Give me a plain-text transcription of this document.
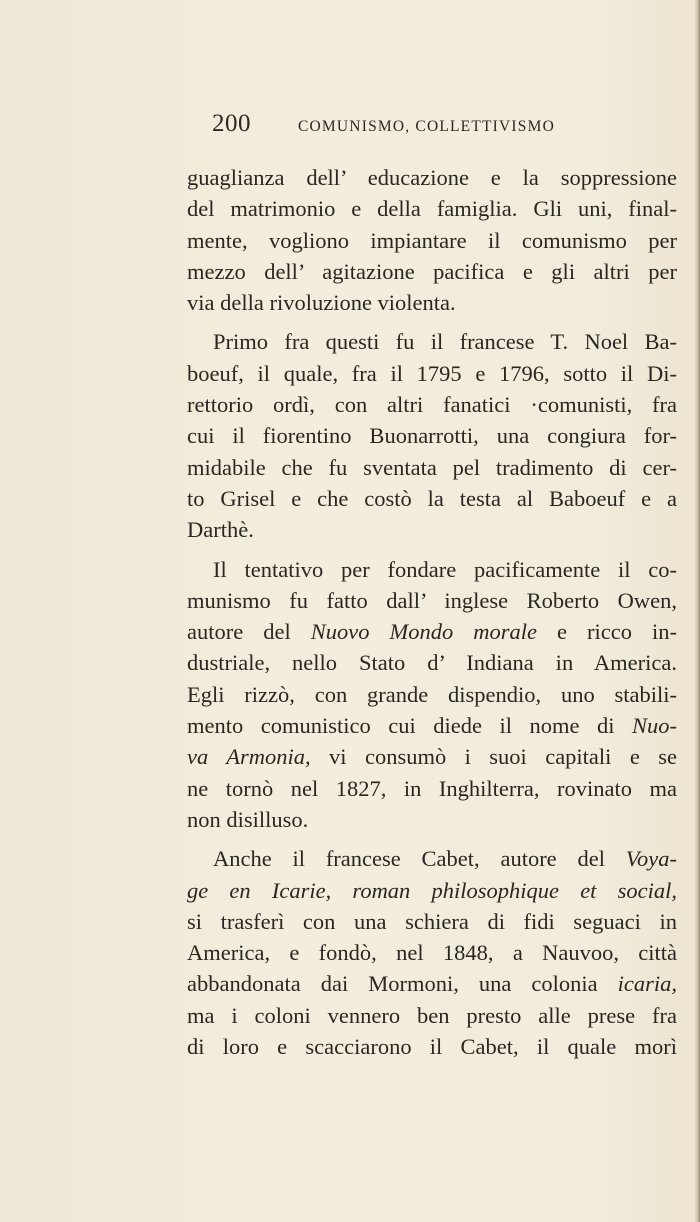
200	COMUNISMO, COLLETTIVISMO
guaglianza dell’ educazione e la soppressione
del matrimonio e della famiglia. Gli uni, final-
mente, vogliono impiantare il comunismo per
mezzo dell’ agitazione pacifica e gli altri per
via della rivoluzione violenta.
Primo fra questi fu il francese T. Noel Ba-
boeuf, il quale, fra il 1795 e 1796, sotto il Di-
rettorio ordì, con altri fanatici ·comunisti, fra
cui il fiorentino Buonarrotti, una congiura for-
midabile che fu sventata pel tradimento di cer-
to Grisel e che costò la testa al Baboeuf e a
Darthè.
Il tentativo per fondare pacificamente il co-
munismo fu fatto dall’ inglese Roberto Owen,
autore del Nuovo Mondo morale e ricco in-
dustriale, nello Stato d’ Indiana in America.
Egli rizzò, con grande dispendio, uno stabili-
mento comunistico cui diede il nome di Nuo-
va Armonia, vi consumò i suoi capitali e se
ne tornò nel 1827, in Inghilterra, rovinato ma
non disilluso.
Anche il francese Cabet, autore del Voya-
ge en Icarie, roman philosophique et social,
si trasferì con una schiera di fidi seguaci in
America, e fondò, nel 1848, a Nauvoo, città
abbandonata dai Mormoni, una colonia icaria,
ma i coloni vennero ben presto alle prese fra
di loro e scacciarono il Cabet, il quale morì
